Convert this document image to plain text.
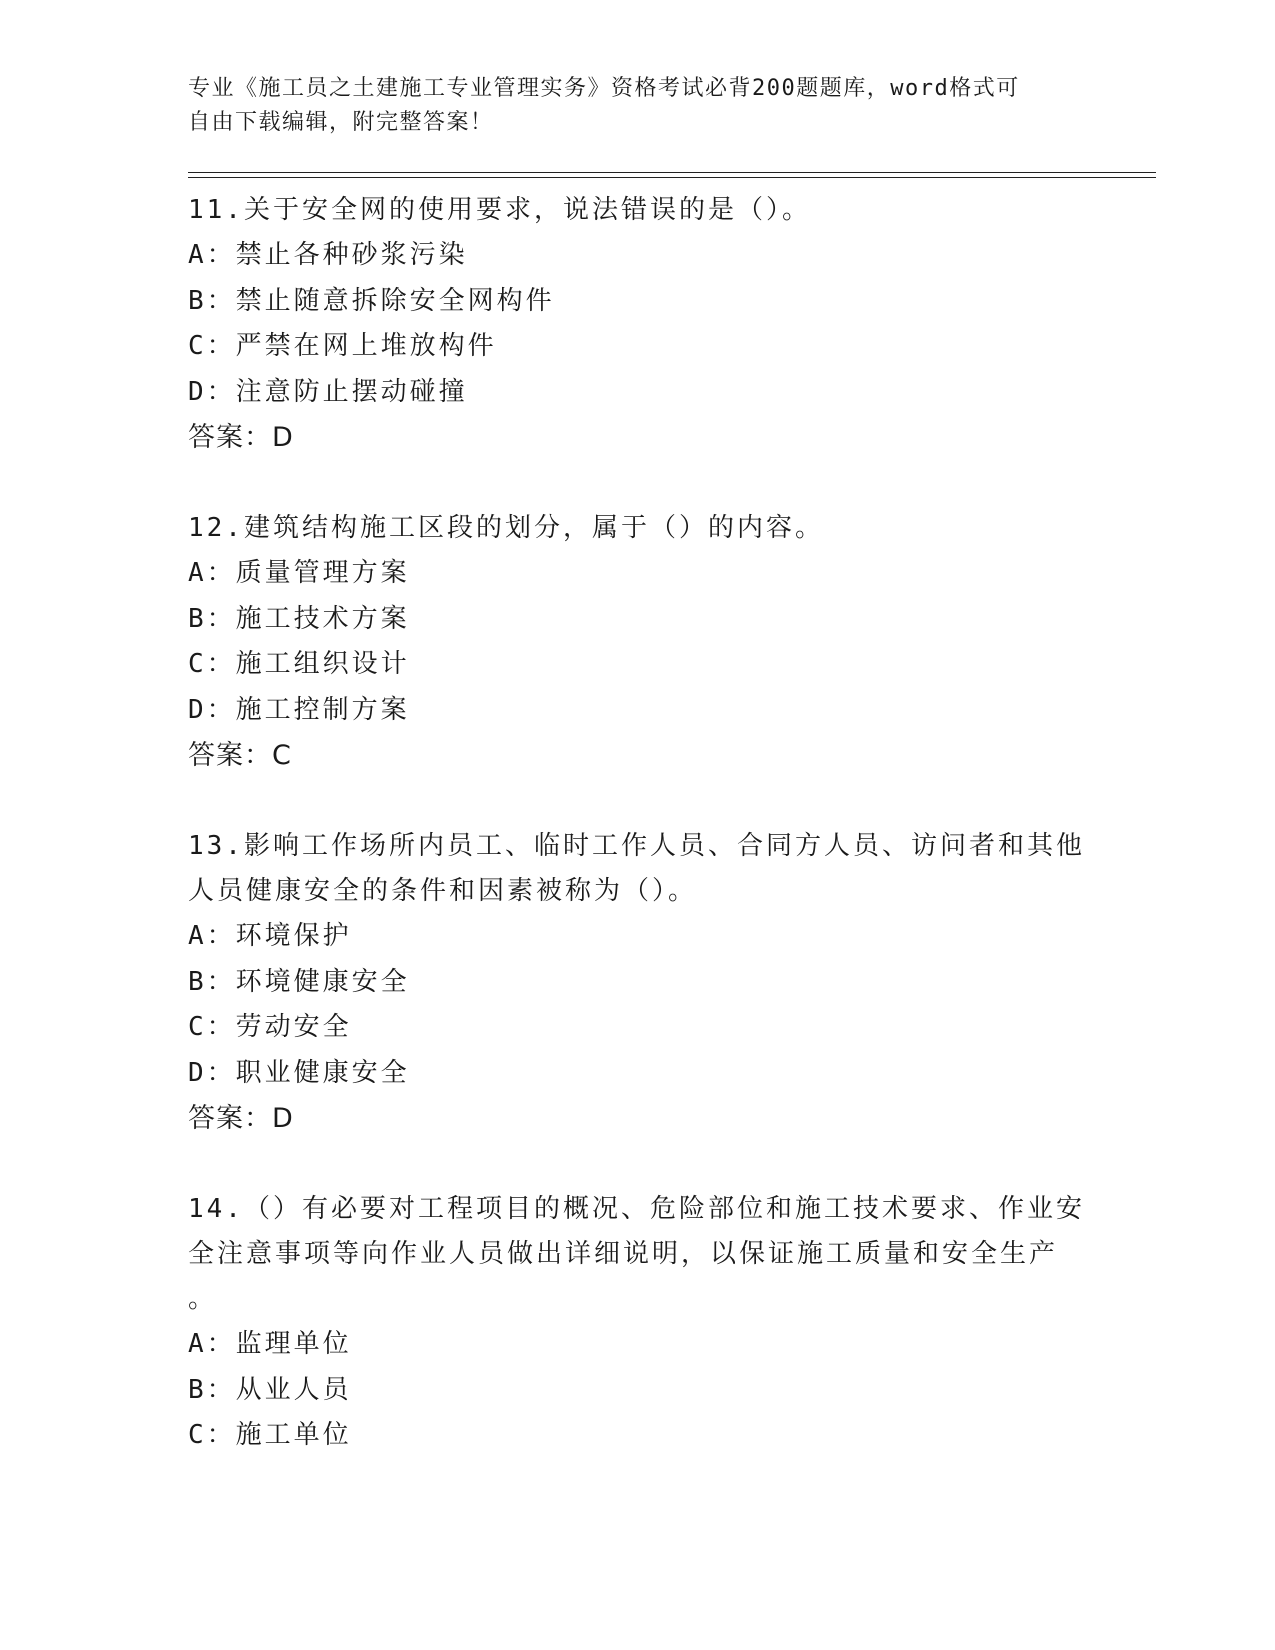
专业《施工员之土建施工专业管理实务》资格考试必背200题题库，word格式可
自由下载编辑，附完整答案！
11.关于安全网的使用要求，说法错误的是（）。
A：禁止各种砂浆污染
B：禁止随意拆除安全网构件
C：严禁在网上堆放构件
D：注意防止摆动碰撞
答案：D
12.建筑结构施工区段的划分，属于（）的内容。
A：质量管理方案
B：施工技术方案
C：施工组织设计
D：施工控制方案
答案：C
13.影响工作场所内员工、临时工作人员、合同方人员、访问者和其他
人员健康安全的条件和因素被称为（）。
A：环境保护
B：环境健康安全
C：劳动安全
D：职业健康安全
答案：D
14.（）有必要对工程项目的概况、危险部位和施工技术要求、作业安
全注意事项等向作业人员做出详细说明，以保证施工质量和安全生产
。
A：监理单位
B：从业人员
C：施工单位
